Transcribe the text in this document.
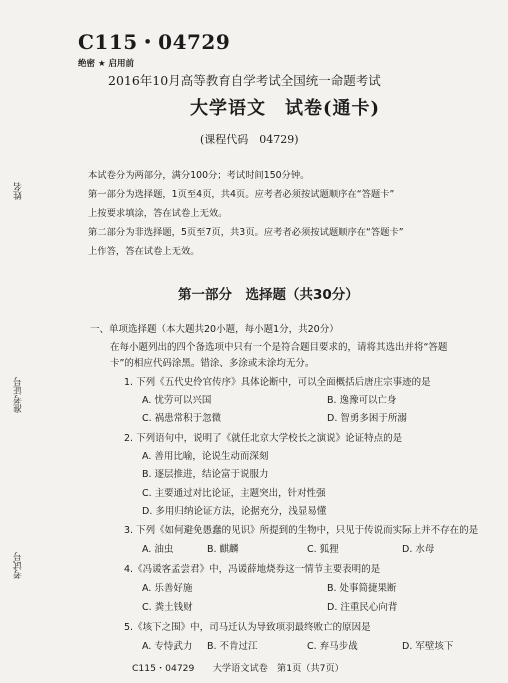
C115・04729
绝密 ★ 启用前
2016年10月高等教育自学考试全国统一命题考试
大学语文　试卷(通卡)
(课程代码　04729)
姓名
准考证号
考试号
本试卷分为两部分，满分100分；考试时间150分钟。
第一部分为选择题，1页至4页，共4页。应考者必须按试题顺序在“答题卡”
上按要求填涂，答在试卷上无效。
第二部分为非选择题，5页至7页，共3页。应考者必须按试题顺序在“答题卡”
上作答，答在试卷上无效。
第一部分　选择题（共30分）
一、单项选择题（本大题共20小题，每小题1分，共20分）
在每小题列出的四个备选项中只有一个是符合题目要求的，请将其选出并将“答题
卡”的相应代码涂黑。错涂、多涂或未涂均无分。
1. 下列《五代史伶官传序》具体论断中，可以全面概括后唐庄宗事迹的是
A. 忧劳可以兴国	B. 逸豫可以亡身
C. 祸患常积于忽微	D. 智勇多困于所溺
2. 下列语句中，说明了《就任北京大学校长之演说》论证特点的是
A. 善用比喻，论说生动而深刻
B. 逐层推进，结论富于说服力
C. 主要通过对比论证，主题突出，针对性强
D. 多用归纳论证方法，论据充分，浅显易懂
3. 下列《如何避免愚蠢的见识》所提到的生物中，只见于传说而实际上并不存在的是
A. 油虫	B. 麒麟	C. 狐狸	D. 水母
4.《冯谖客孟尝君》中，冯谖薛地烧券这一情节主要表明的是
A. 乐善好施	B. 处事简捷果断
C. 粪土钱财	D. 注重民心向背
5.《垓下之围》中，司马迁认为导致项羽最终败亡的原因是
A. 专恃武力 B. 不肯过江	C. 弃马步战	D. 军壁垓下
C115・04729　　大学语文试卷　第1页（共7页）
